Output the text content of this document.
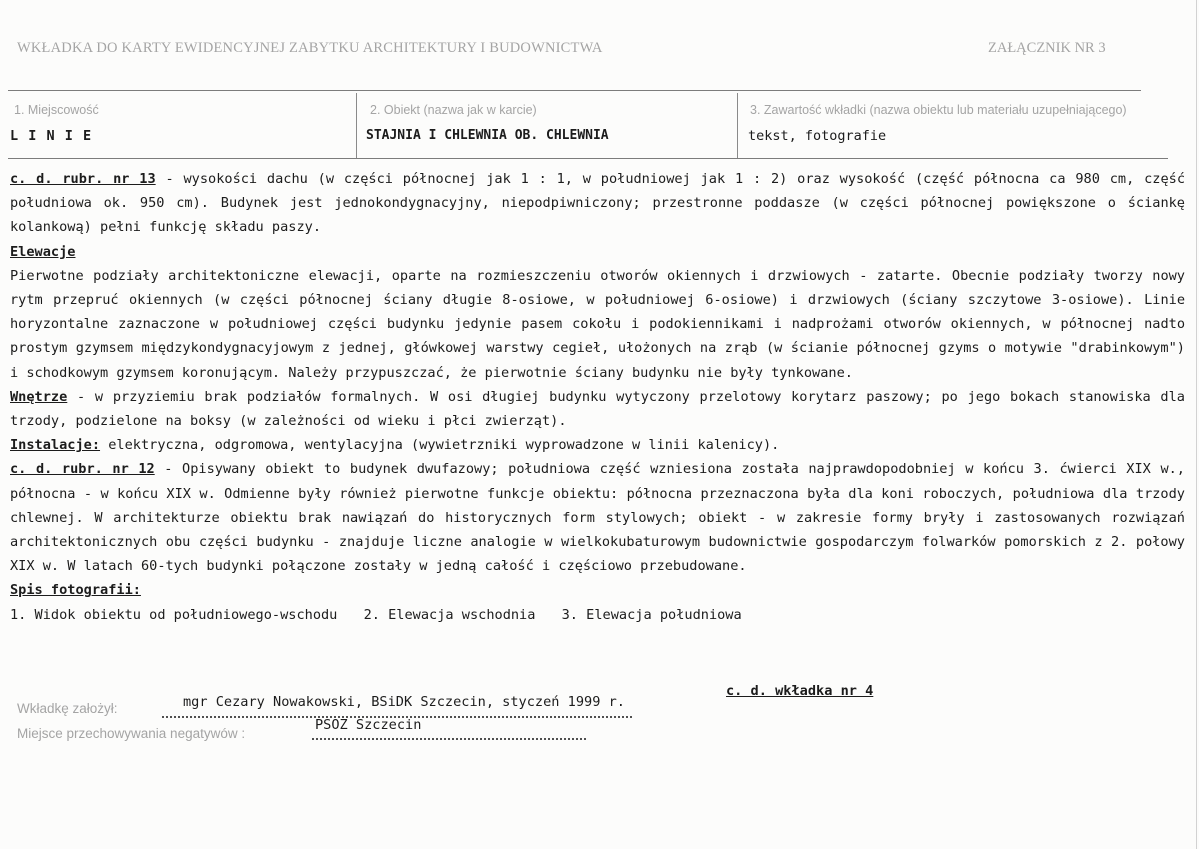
WKŁADKA DO KARTY EWIDENCYJNEJ ZABYTKU ARCHITEKTURY I BUDOWNICTWA	ZAŁĄCZNIK NR 3
1. Miejscowość
L I N I E
2. Obiekt (nazwa jak w karcie)
STAJNIA I CHLEWNIA OB. CHLEWNIA
3. Zawartość wkładki (nazwa obiektu lub materiału uzupełniającego)
tekst, fotografie

c. d. rubr. nr 13 - wysokości dachu (w części północnej jak 1 : 1, w południowej jak 1 : 2) oraz wysokość (część północna ca 980 cm, część południowa ok. 950 cm). Budynek jest jednokondygnacyjny, niepodpiwniczony; przestronne poddasze (w części północnej powiększone o ściankę kolankową) pełni funkcję składu paszy.

Elewacje

Pierwotne podziały architektoniczne elewacji, oparte na rozmieszczeniu otworów okiennych i drzwiowych - zatarte. Obecnie podziały tworzy nowy rytm przepruć okiennych (w części północnej ściany długie 8-osiowe, w południowej 6-osiowe) i drzwiowych (ściany szczytowe 3-osiowe). Linie horyzontalne zaznaczone w południowej części budynku jedynie pasem cokołu i podokiennikami i nadprożami otworów okiennych, w północnej nadto prostym gzymsem międzykondygnacyjowym z jednej, główkowej warstwy cegieł, ułożonych na zrąb (w ścianie północnej gzyms o motywie "drabinkowym") i schodkowym gzymsem koronującym. Należy przypuszczać, że pierwotnie ściany budynku nie były tynkowane.

Wnętrze - w przyziemiu brak podziałów formalnych. W osi długiej budynku wytyczony przelotowy korytarz paszowy; po jego bokach stanowiska dla trzody, podzielone na boksy (w zależności od wieku i płci zwierząt).

Instalacje: elektryczna, odgromowa, wentylacyjna (wywietrzniki wyprowadzone w linii kalenicy).

c. d. rubr. nr 12 - Opisywany obiekt to budynek dwufazowy; południowa część wzniesiona została najprawdopodobniej w końcu 3. ćwierci XIX w., północna - w końcu XIX w. Odmienne były również pierwotne funkcje obiektu: północna przeznaczona była dla koni roboczych, południowa dla trzody chlewnej. W architekturze obiektu brak nawiązań do historycznych form stylowych; obiekt - w zakresie formy bryły i zastosowanych rozwiązań architektonicznych obu części budynku - znajduje liczne analogie w wielkokubaturowym budownictwie gospodarczym folwarków pomorskich z 2. połowy XIX w. W latach 60-tych budynki połączone zostały w jedną całość i częściowo przebudowane.

Spis fotografii:

1. Widok obiektu od południowego-wschodu 2. Elewacja wschodnia 3. Elewacja południowa

Wkładkę założył:	mgr Cezary Nowakowski, BSiDK Szczecin, styczeń 1999 r.
c. d. wkładka nr 4
Miejsce przechowywania negatywów :
PSOZ Szczecin
